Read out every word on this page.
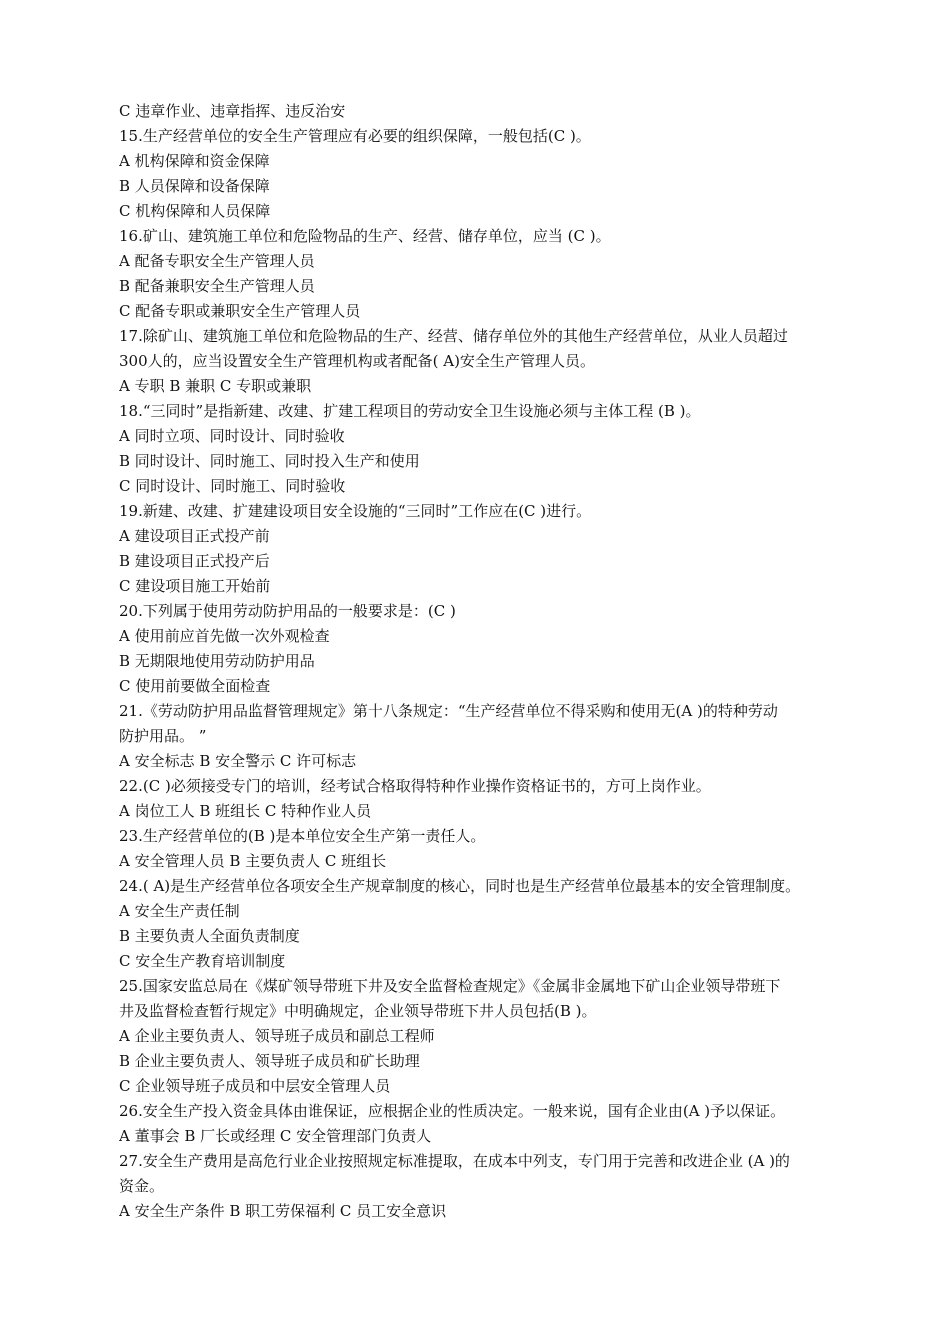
C 违章作业、违章指挥、违反治安

15.生产经营单位的安全生产管理应有必要的组织保障，一般包括(C )。

A 机构保障和资金保障

B 人员保障和设备保障

C 机构保障和人员保障

16.矿山、建筑施工单位和危险物品的生产、经营、储存单位，应当 (C )。

A 配备专职安全生产管理人员

B 配备兼职安全生产管理人员

C 配备专职或兼职安全生产管理人员

17.除矿山、建筑施工单位和危险物品的生产、经营、储存单位外的其他生产经营单位，从业人员超过

300人的，应当设置安全生产管理机构或者配备( A)安全生产管理人员。

A 专职 B 兼职 C 专职或兼职

18.“三同时”是指新建、改建、扩建工程项目的劳动安全卫生设施必须与主体工程 (B )。

A 同时立项、同时设计、同时验收

B 同时设计、同时施工、同时投入生产和使用

C 同时设计、同时施工、同时验收

19.新建、改建、扩建建设项目安全设施的“三同时”工作应在(C )进行。

A 建设项目正式投产前

B 建设项目正式投产后

C 建设项目施工开始前

20.下列属于使用劳动防护用品的一般要求是：(C )

A 使用前应首先做一次外观检查

B 无期限地使用劳动防护用品

C 使用前要做全面检查

21.《劳动防护用品监督管理规定》第十八条规定：“生产经营单位不得采购和使用无(A )的特种劳动

防护用品。 ”

A 安全标志 B 安全警示 C 许可标志

22.(C )必须接受专门的培训，经考试合格取得特种作业操作资格证书的，方可上岗作业。

A 岗位工人 B 班组长 C 特种作业人员

23.生产经营单位的(B )是本单位安全生产第一责任人。

A 安全管理人员 B 主要负责人 C 班组长

24.( A)是生产经营单位各项安全生产规章制度的核心，同时也是生产经营单位最基本的安全管理制度。

A 安全生产责任制

B 主要负责人全面负责制度

C 安全生产教育培训制度

25.国家安监总局在《煤矿领导带班下井及安全监督检查规定》《金属非金属地下矿山企业领导带班下

井及监督检查暂行规定》中明确规定，企业领导带班下井人员包括(B )。

A 企业主要负责人、领导班子成员和副总工程师

B 企业主要负责人、领导班子成员和矿长助理

C 企业领导班子成员和中层安全管理人员

26.安全生产投入资金具体由谁保证，应根据企业的性质决定。一般来说，国有企业由(A )予以保证。

A 董事会 B 厂长或经理 C 安全管理部门负责人

27.安全生产费用是高危行业企业按照规定标准提取，在成本中列支，专门用于完善和改进企业 (A )的

资金。

A 安全生产条件 B 职工劳保福利 C 员工安全意识
